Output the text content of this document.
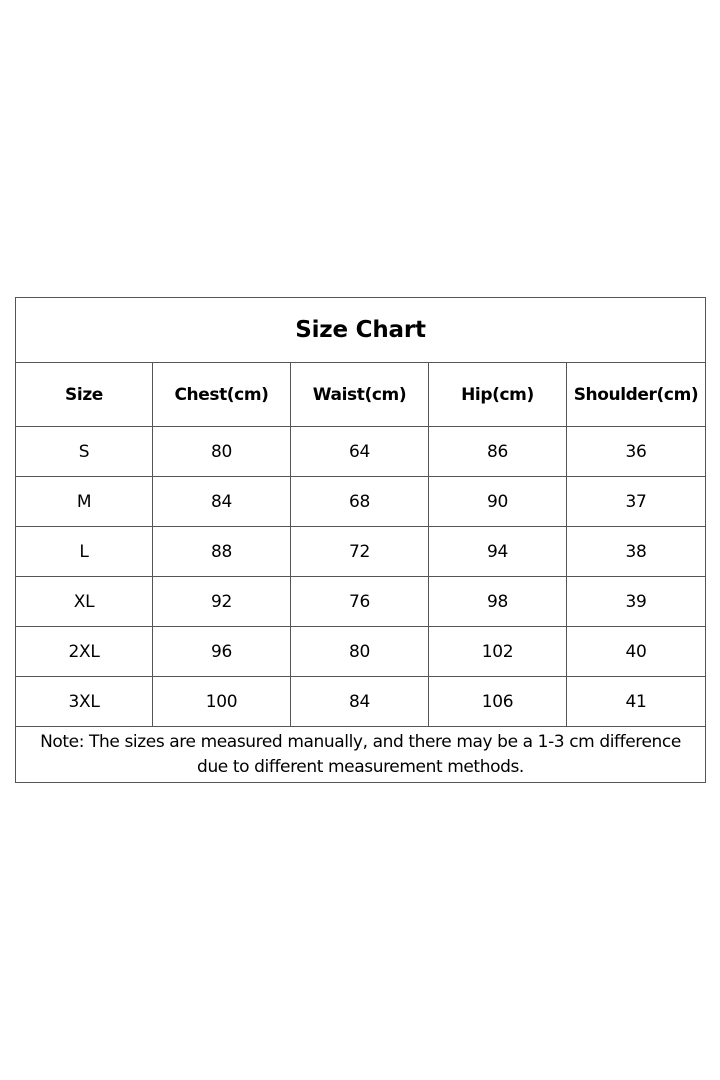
Size Chart				
Size	Chest(cm)	Waist(cm)	Hip(cm)	Shoulder(cm)
S	80	64	86	36
M	84	68	90	37
L	88	72	94	38
XL	92	76	98	39
2XL	96	80	102	40
3XL	100	84	106	41
Note: The sizes are measured manually, and there may be a 1-3 cm difference due to different measurement methods.				
